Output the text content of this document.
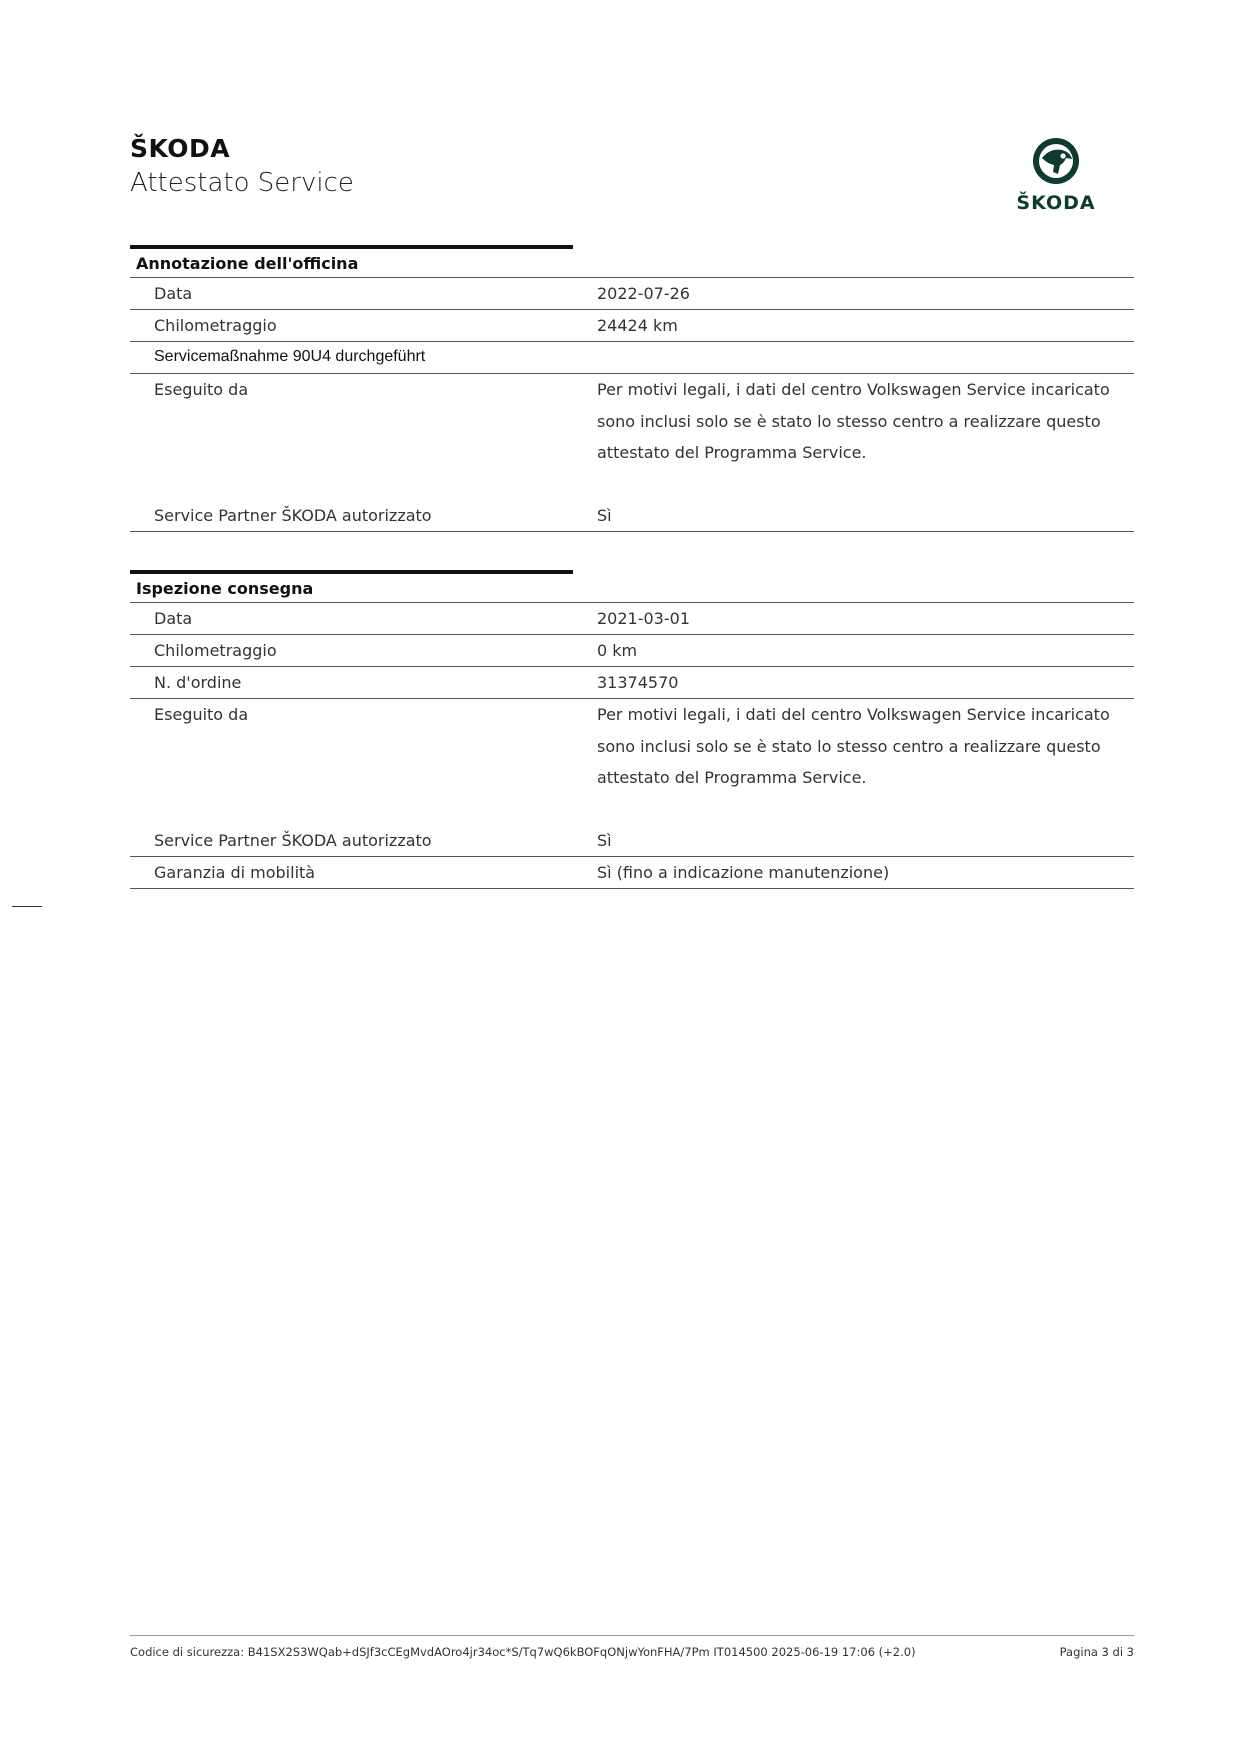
ŠKODA
Attestato Service
ŠKODA
Annotazione dell'officina
Data	2022-07-26
Chilometraggio	24424 km
Servicemaßnahme 90U4 durchgeführt
Eseguito da	Per motivi legali, i dati del centro Volkswagen Service incaricato sono inclusi solo se è stato lo stesso centro a realizzare questo attestato del Programma Service.
Service Partner ŠKODA autorizzato	Sì
Ispezione consegna
Data	2021-03-01
Chilometraggio	0 km
N. d'ordine	31374570
Eseguito da	Per motivi legali, i dati del centro Volkswagen Service incaricato sono inclusi solo se è stato lo stesso centro a realizzare questo attestato del Programma Service.
Service Partner ŠKODA autorizzato	Sì
Garanzia di mobilità	Sì (fino a indicazione manutenzione)
Codice di sicurezza: B41SX2S3WQab+dSJf3cCEgMvdAOro4jr34oc*S/Tq7wQ6kBOFqONjwYonFHA/7Pm IT014500 2025-06-19 17:06 (+2.0)	Pagina 3 di 3
